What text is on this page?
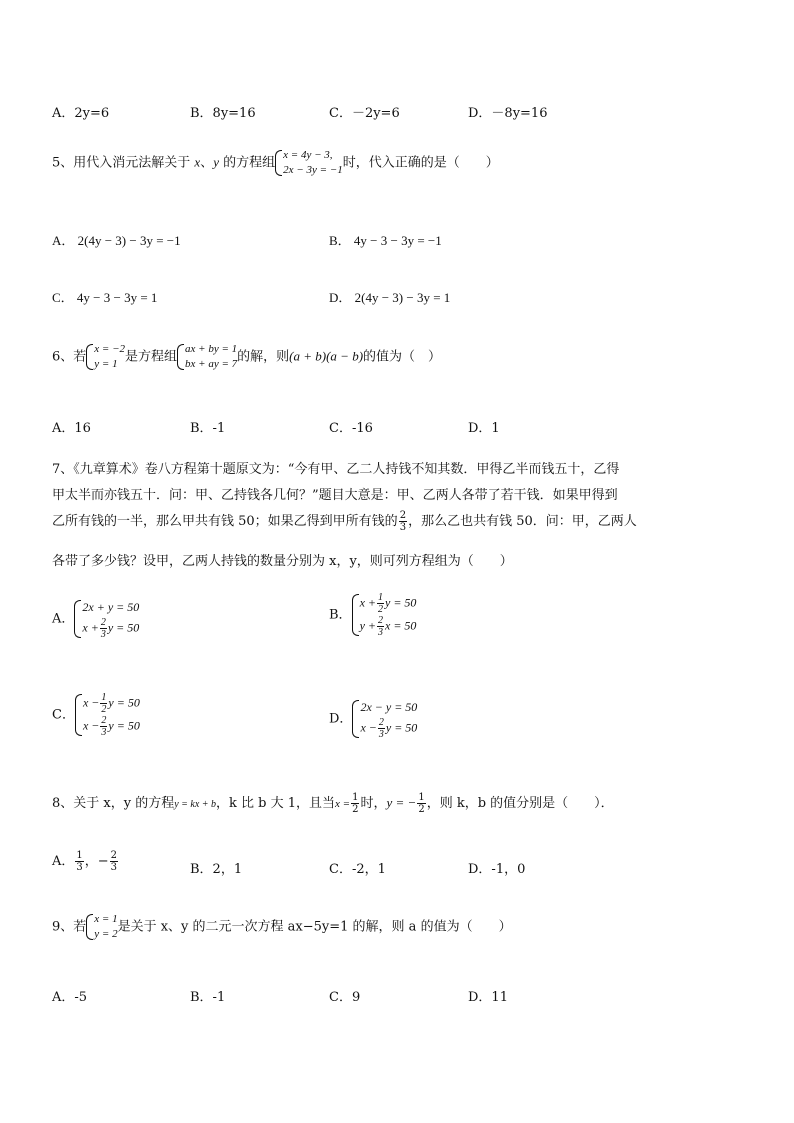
A．2y=6	B．8y=16	C．－2y=6	D．－8y=16
5、用代入消元法解关于 x、y 的方程组
x = 4y − 3,
2x − 3y = −1 时，代入正确的是（　　）
A． 2(4y − 3) − 3y = −1	B． 4y − 3 − 3y = −1
C． 4y − 3 − 3y = 1	D． 2(4y − 3) − 3y = 1
6、若
x = −2
y = 1 是方程组
ax + by = 1
bx + ay = 7 的解，则(a + b)(a − b)的值为（　）
A．16	B．-1	C．-16	D．1
7、《九章算术》卷八方程第十题原文为：“今有甲、乙二人持钱不知其数．甲得乙半而钱五十，乙得
甲太半而亦钱五十．问：甲、乙持钱各几何？”题目大意是：甲、乙两人各带了若干钱．如果甲得到
乙所有钱的一半，那么甲共有钱 50；如果乙得到甲所有钱的 $\frac{2}{3}$ ，那么乙也共有钱 50．问：甲，乙两人
各带了多少钱？设甲，乙两人持钱的数量分别为 x，y，则可列方程组为（　　）
A．
2x + y = 50
$x + \frac{2}{3}$ y = 50
B．
$x + \frac{1}{2}$ y = 50
$y + \frac{2}{3}$ x = 50
C．
$x - \frac{1}{2}$ y = 50
$x - \frac{2}{3}$ y = 50	D．
2x − y = 50
$x - \frac{2}{3}$ y = 50
8、关于 x，y 的方程y = kx + b，k 比 b 大 1，且当$x = \frac{1}{2}$ 时，y = − $\frac{1}{2}$ ，则 k，b 的值分别是（　　）．
A． $\frac{1}{3}$ ，− $\frac{2}{3}$	B．2，1	C．-2，1	D．-1，0
9、若
x = 1
y = 2 是关于 x、y 的二元一次方程 ax−5y=1 的解，则 a 的值为（　　）
A．-5	B．-1	C．9	D．11
